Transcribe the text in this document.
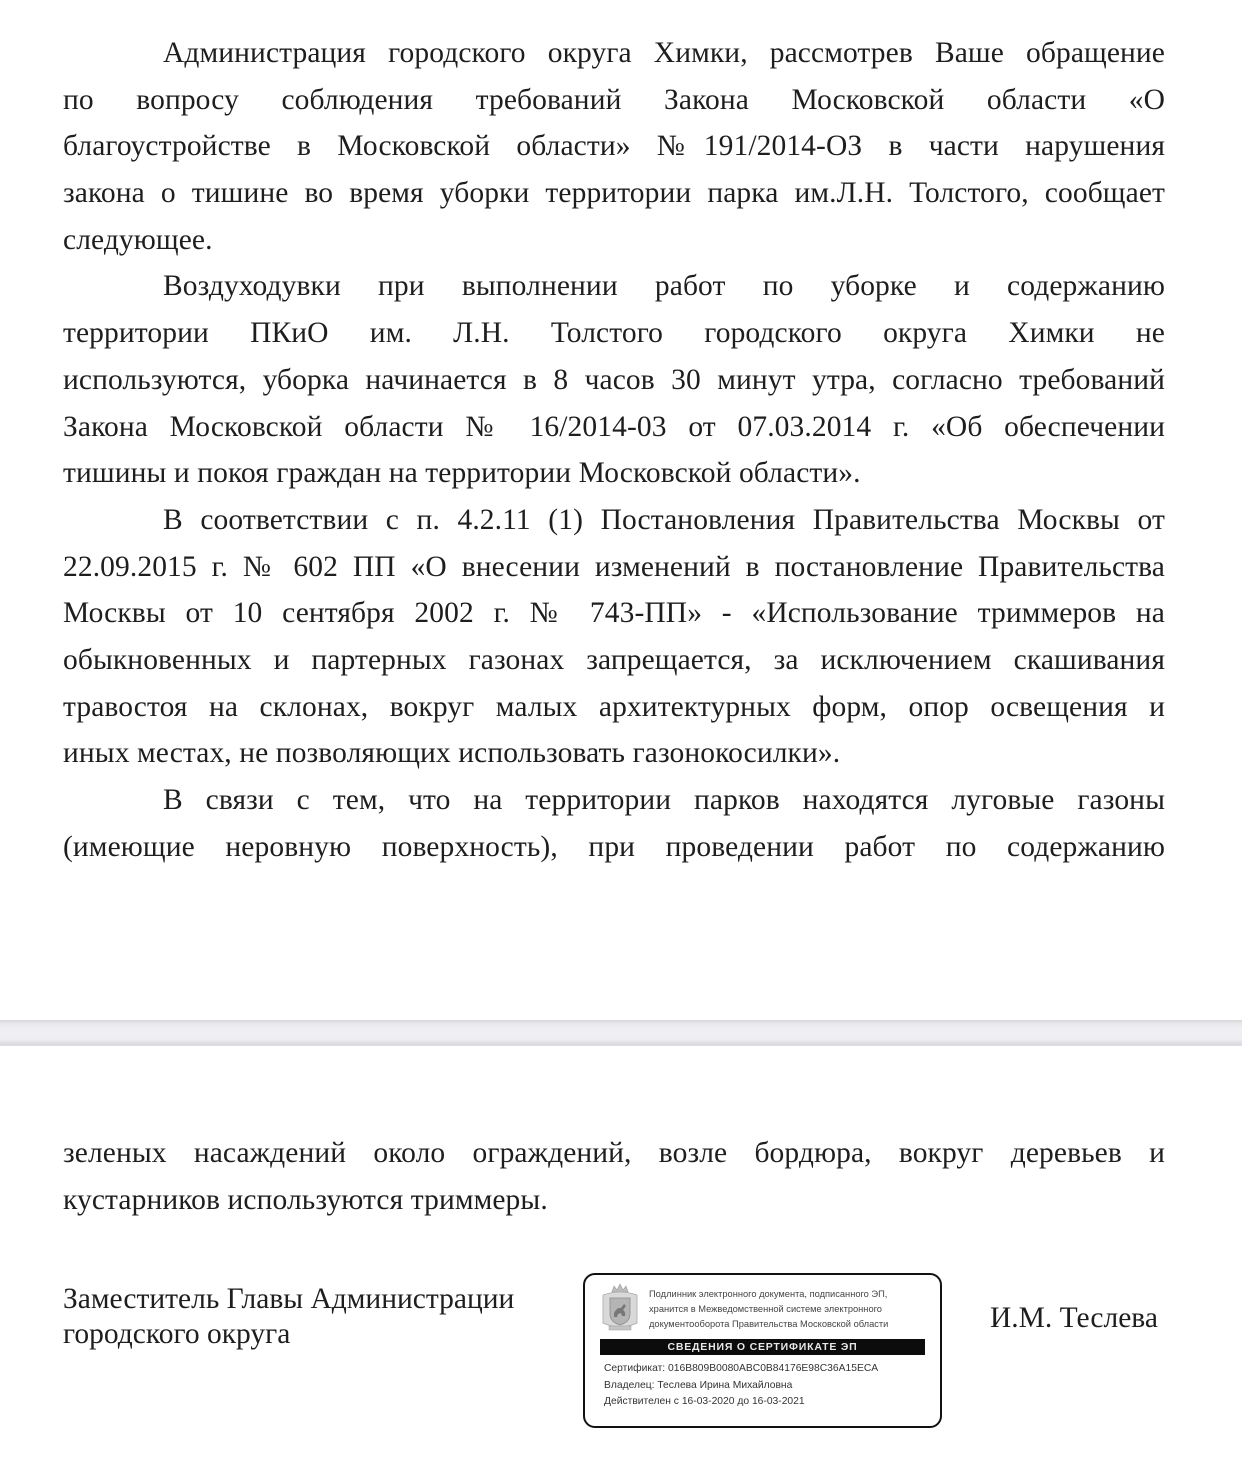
Администрация городского округа Химки, рассмотрев Ваше обращение
по вопросу соблюдения требований Закона Московской области «О
благоустройстве в Московской области» №191/2014-ОЗ в части нарушения
закона о тишине во время уборки территории парка им.Л.Н. Толстого, сообщает
следующее.
Воздуходувки при выполнении работ по уборке и содержанию
территории ПКиО им. Л.Н. Толстого городского округа Химки не
используются, уборка начинается в 8 часов 30 минут утра, согласно требований
Закона Московской области № 16/2014-03 от 07.03.2014 г. «Об обеспечении
тишины и покоя граждан на территории Московской области».
В соответствии с п. 4.2.11 (1) Постановления Правительства Москвы от
22.09.2015 г. № 602 ПП «О внесении изменений в постановление Правительства
Москвы от 10 сентября 2002 г. № 743-ПП» - «Использование триммеров на
обыкновенных и партерных газонах запрещается, за исключением скашивания
травостоя на склонах, вокруг малых архитектурных форм, опор освещения и
иных местах, не позволяющих использовать газонокосилки».
В связи с тем, что на территории парков находятся луговые газоны
(имеющие неровную поверхность), при проведении работ по содержанию
зеленых насаждений около ограждений, возле бордюра, вокруг деревьев и
кустарников используются триммеры.
Заместитель Главы Администрации
городского округа
Подлинник электронного документа, подписанного ЭП,
хранится в Межведомственной системе электронного
документооборота Правительства Московской области
СВЕДЕНИЯ О СЕРТИФИКАТЕ ЭП
Сертификат: 016B809B0080ABC0B84176E98C36A15ECA
Владелец: Теслева Ирина Михайловна
Действителен с 16-03-2020 до 16-03-2021
И.М. Теслева
